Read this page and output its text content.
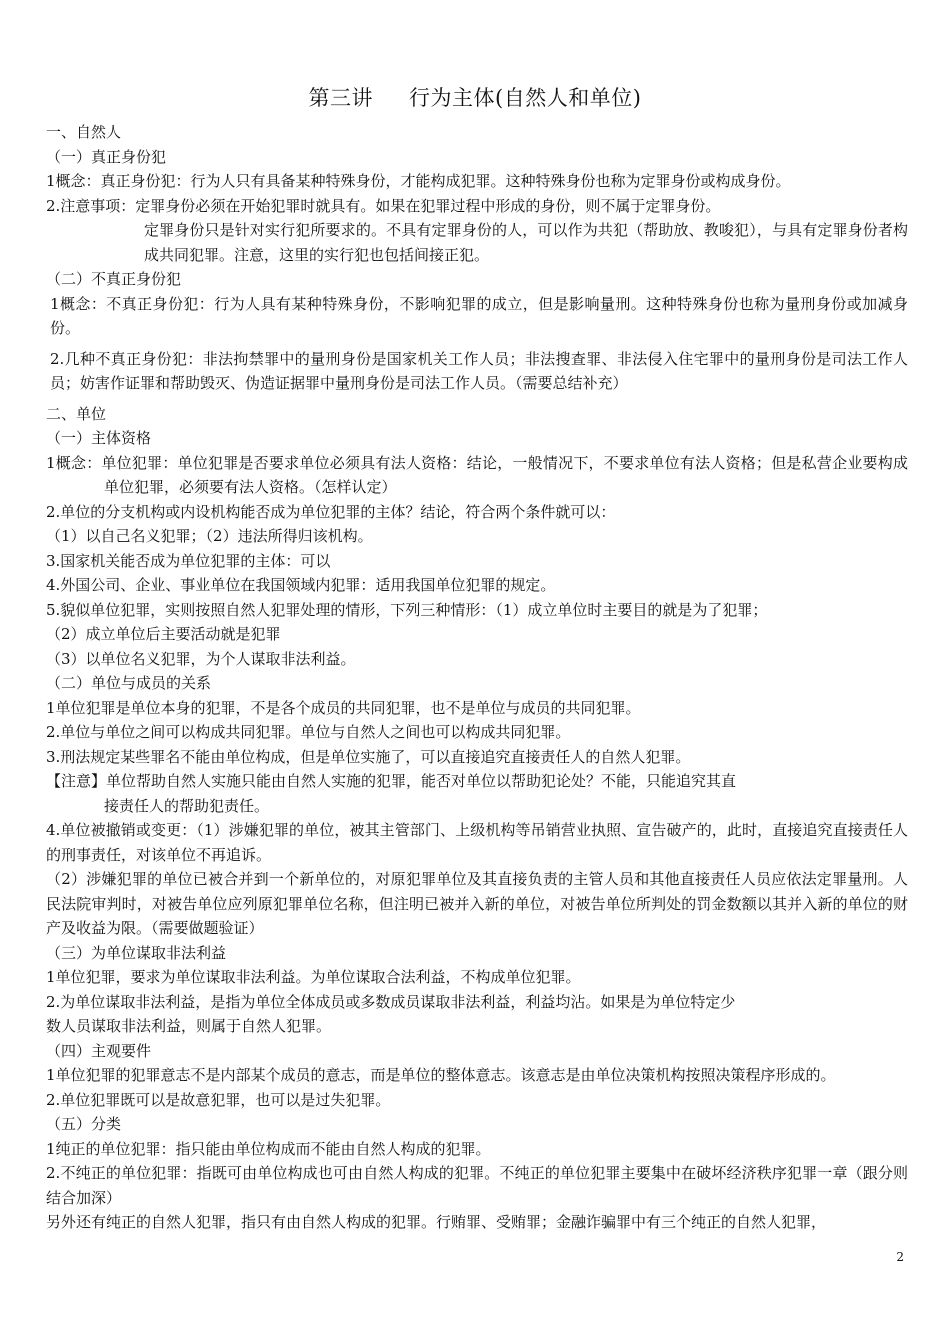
第三讲 行为主体(自然人和单位)
一、自然人
（一）真正身份犯
1概念：真正身份犯：行为人只有具备某种特殊身份，才能构成犯罪。这种特殊身份也称为定罪身份或构成身份。
2.注意事项：定罪身份必须在开始犯罪时就具有。如果在犯罪过程中形成的身份，则不属于定罪身份。
定罪身份只是针对实行犯所要求的。不具有定罪身份的人，可以作为共犯（帮助放、教唆犯），与具有定罪身份者构成共同犯罪。注意，这里的实行犯也包括间接正犯。
（二）不真正身份犯
1概念：不真正身份犯：行为人具有某种特殊身份，不影响犯罪的成立，但是影响量刑。这种特殊身份也称为量刑身份或加减身份。
2.几种不真正身份犯：非法拘禁罪中的量刑身份是国家机关工作人员；非法搜查罪、非法侵入住宅罪中的量刑身份是司法工作人员；妨害作证罪和帮助毁灭、伪造证据罪中量刑身份是司法工作人员。（需要总结补充）
二、单位
（一）主体资格
1概念：单位犯罪：单位犯罪是否要求单位必须具有法人资格：结论，一般情况下，不要求单位有法人资格；但是私营企业要构成单位犯罪，必须要有法人资格。（怎样认定）
2.单位的分支机构或内设机构能否成为单位犯罪的主体？结论，符合两个条件就可以：
（1）以自己名义犯罪；（2）违法所得归该机构。
3.国家机关能否成为单位犯罪的主体：可以
4.外国公司、企业、事业单位在我国领域内犯罪：适用我国单位犯罪的规定。
5.貌似单位犯罪，实则按照自然人犯罪处理的情形，下列三种情形：（1）成立单位时主要目的就是为了犯罪；
（2）成立单位后主要活动就是犯罪
（3）以单位名义犯罪，为个人谋取非法利益。
（二）单位与成员的关系
1单位犯罪是单位本身的犯罪，不是各个成员的共同犯罪，也不是单位与成员的共同犯罪。
2.单位与单位之间可以构成共同犯罪。单位与自然人之间也可以构成共同犯罪。
3.刑法规定某些罪名不能由单位构成，但是单位实施了，可以直接追究直接责任人的自然人犯罪。
【注意】单位帮助自然人实施只能由自然人实施的犯罪，能否对单位以帮助犯论处？不能，只能追究其直
接责任人的帮助犯责任。
4.单位被撤销或变更：（1）涉嫌犯罪的单位，被其主管部门、上级机构等吊销营业执照、宣告破产的，此时，直接追究直接责任人的刑事责任，对该单位不再追诉。
（2）涉嫌犯罪的单位已被合并到一个新单位的，对原犯罪单位及其直接负责的主管人员和其他直接责任人员应依法定罪量刑。人民法院审判时，对被告单位应列原犯罪单位名称，但注明已被并入新的单位，对被告单位所判处的罚金数额以其并入新的单位的财产及收益为限。（需要做题验证）
（三）为单位谋取非法利益
1单位犯罪，要求为单位谋取非法利益。为单位谋取合法利益，不构成单位犯罪。
2.为单位谋取非法利益，是指为单位全体成员或多数成员谋取非法利益，利益均沾。如果是为单位特定少
数人员谋取非法利益，则属于自然人犯罪。
（四）主观要件
1单位犯罪的犯罪意志不是内部某个成员的意志，而是单位的整体意志。该意志是由单位决策机构按照决策程序形成的。
2.单位犯罪既可以是故意犯罪，也可以是过失犯罪。
（五）分类
1纯正的单位犯罪：指只能由单位构成而不能由自然人构成的犯罪。
2.不纯正的单位犯罪：指既可由单位构成也可由自然人构成的犯罪。不纯正的单位犯罪主要集中在破坏经济秩序犯罪一章（跟分则结合加深）
另外还有纯正的自然人犯罪，指只有由自然人构成的犯罪。行贿罪、受贿罪；金融诈骗罪中有三个纯正的自然人犯罪，
2
